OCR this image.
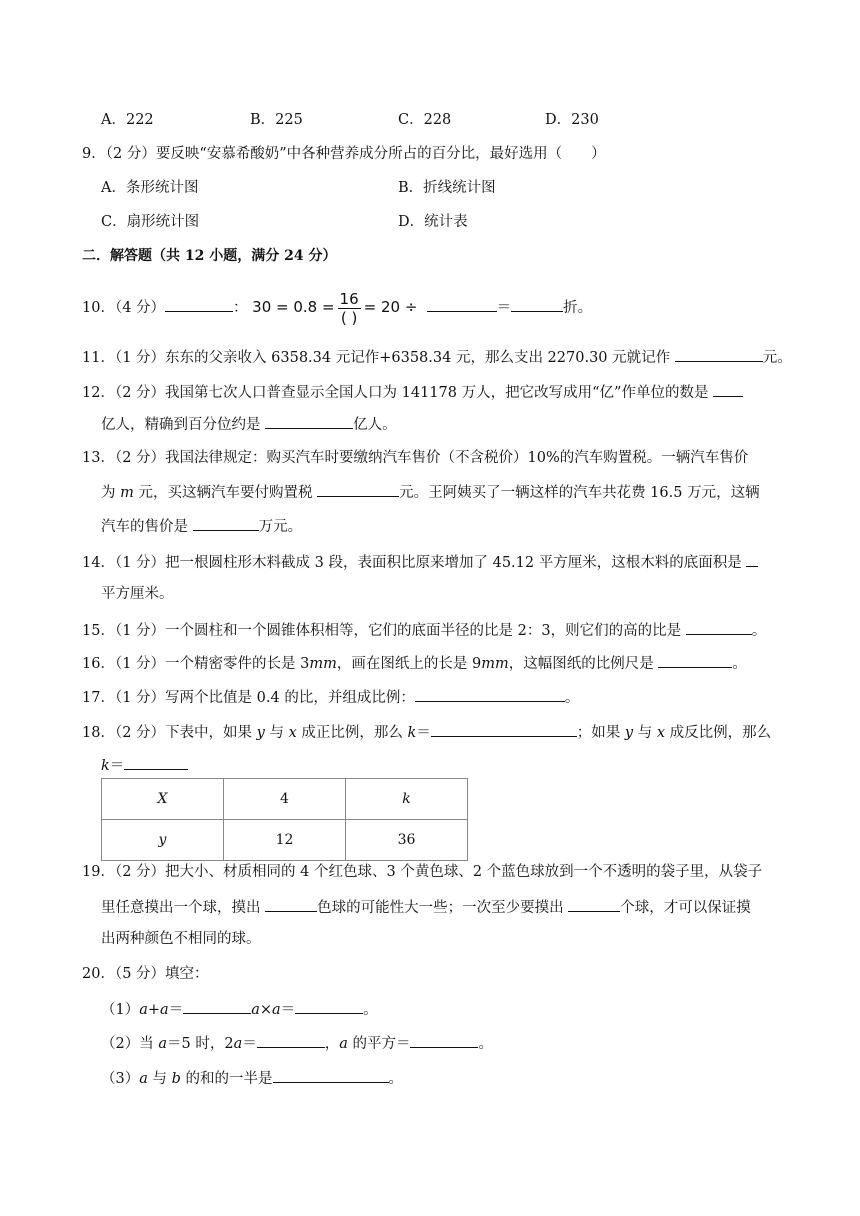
A．222	B．225	C．228	D．230
9．（2 分）要反映“安慕希酸奶”中各种营养成分所占的百分比，最好选用（　　）
A．条形统计图	B．折线统计图
C．扇形统计图	D．统计表
二．解答题（共 12 小题，满分 24 分）
10．（4 分）	： $30 = 0.8 = \frac{16}{( )} = 20$ ÷	＝	折。
11．（1 分）东东的父亲收入 6358.34 元记作+6358.34 元，那么支出 2270.30 元就记作	元。
12．（2 分）我国第七次人口普查显示全国人口为 141178 万人，把它改写成用“亿”作单位的数是
亿人，精确到百分位约是	亿人。
13．（2 分）我国法律规定：购买汽车时要缴纳汽车售价（不含税价）10%的汽车购置税。一辆汽车售价
为 m 元，买这辆汽车要付购置税	元。王阿姨买了一辆这样的汽车共花费 16.5 万元，这辆
汽车的售价是	万元。
14．（1 分）把一根圆柱形木料截成 3 段，表面积比原来增加了 45.12 平方厘米，这根木料的底面积是
平方厘米。
15．（1 分）一个圆柱和一个圆锥体积相等，它们的底面半径的比是 2：3，则它们的高的比是	。
16．（1 分）一个精密零件的长是 3mm，画在图纸上的长是 9mm，这幅图纸的比例尺是	。
17．（1 分）写两个比值是 0.4 的比，并组成比例：	。
18．（2 分）下表中，如果 y 与 x 成正比例，那么 k＝	；如果 y 与 x 成反比例，那么
k＝
X	4	k
y	12	36
19．（2 分）把大小、材质相同的 4 个红色球、3 个黄色球、2 个蓝色球放到一个不透明的袋子里，从袋子
里任意摸出一个球，摸出	色球的可能性大一些；一次至少要摸出	个球，才可以保证摸
出两种颜色不相同的球。
20．（5 分）填空：
（1）a+a＝	a×a＝	。
（2）当 a＝5 时，2a＝	，a 的平方＝	。
（3）a 与 b 的和的一半是	。
